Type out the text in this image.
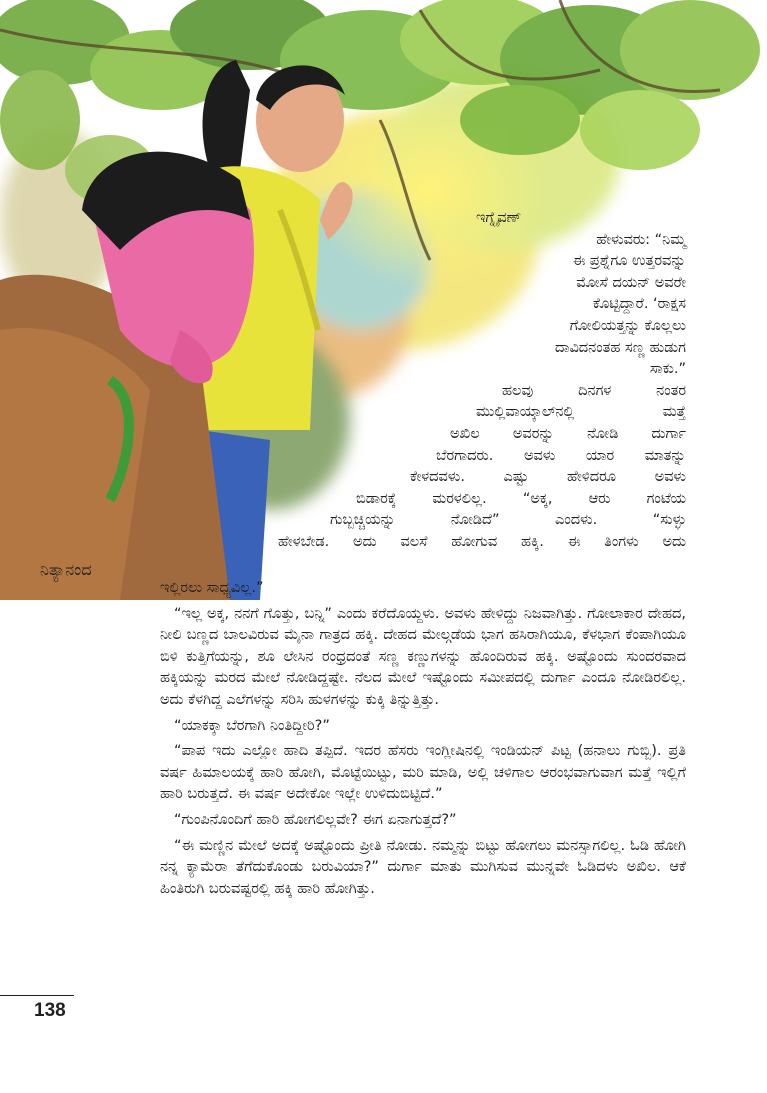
ನಿತ್ಯಾನಂದ
ಇಗ್ನೈವಣ್
ಹೇಳುವರು: “ನಿಮ್ಮ
ಈ ಪ್ರಶ್ನೆಗೂ ಉತ್ತರವನ್ನು
ಮೋಸೆ ದಯನ್ ಅವರೇ
ಕೊಟ್ಟಿದ್ದಾರೆ. ‘ರಾಕ್ಷಸ
ಗೋಲಿಯತ್ತನ್ನು ಕೊಲ್ಲಲು
ದಾವಿದನಂತಹ ಸಣ್ಣ ಹುಡುಗ
ಸಾಕು.”
ಹಲವು ದಿನಗಳ ನಂತರ
ಮುಲ್ಲಿವಾಯ್ಕಾಲ್‍ನಲ್ಲಿ ಮತ್ತೆ
ಅಖಿಲ ಅವರನ್ನು ನೋಡಿ ದುರ್ಗಾ
ಬೆರಗಾದರು. ಅವಳು ಯಾರ ಮಾತನ್ನು
ಕೇಳದವಳು. ಎಷ್ಟು ಹೇಳಿದರೂ ಅವಳು
ಬಿಡಾರಕ್ಕೆ ಮರಳಲಿಲ್ಲ. “ಅಕ್ಕ, ಆರು ಗಂಟೆಯ
ಗುಬ್ಬಚ್ಚಿಯನ್ನು ನೋಡಿದೆ” ಎಂದಳು. “ಸುಳ್ಳು
ಹೇಳಬೇಡ. ಅದು ವಲಸೆ ಹೋಗುವ ಹಕ್ಕಿ. ಈ ತಿಂಗಳು ಅದು

ಇಲ್ಲಿರಲು ಸಾಧ್ಯವಿಲ್ಲ.”

“ಇಲ್ಲ ಅಕ್ಕ, ನನಗೆ ಗೊತ್ತು, ಬನ್ನಿ” ಎಂದು ಕರೆದೊಯ್ದಳು. ಅವಳು ಹೇಳಿದ್ದು ನಿಜವಾಗಿತ್ತು. ಗೋಲಾಕಾರ ದೇಹದ, ನೀಲಿ ಬಣ್ಣದ ಬಾಲವಿರುವ ಮೈನಾ ಗಾತ್ರದ ಹಕ್ಕಿ. ದೇಹದ ಮೇಲ್ಗಡೆಯ ಭಾಗ ಹಸಿರಾಗಿಯೂ, ಕೆಳಭಾಗ ಕೆಂಪಾಗಿಯೂ ಬಿಳಿ ಕುತ್ತಿಗೆಯನ್ನು, ಶೂ ಲೇಸಿನ ರಂಧ್ರದಂತೆ ಸಣ್ಣ ಕಣ್ಣುಗಳನ್ನು ಹೊಂದಿರುವ ಹಕ್ಕಿ. ಅಷ್ಟೊಂದು ಸುಂದರವಾದ ಹಕ್ಕಿಯನ್ನು ಮರದ ಮೇಲೆ ನೋಡಿದ್ದಷ್ಟೇ. ನೆಲದ ಮೇಲೆ ಇಷ್ಟೊಂದು ಸಮೀಪದಲ್ಲಿ ದುರ್ಗಾ ಎಂದೂ ನೋಡಿರಲಿಲ್ಲ. ಅದು ಕೆಳಗಿದ್ದ ಎಲೆಗಳನ್ನು ಸರಿಸಿ ಹುಳಗಳನ್ನು ಕುಕ್ಕಿ ತಿನ್ನುತ್ತಿತ್ತು.

“ಯಾಕಕ್ಕಾ ಬೆರಗಾಗಿ ನಿಂತಿದ್ದೀರಿ?”

“ಪಾಪ ಇದು ಎಲ್ಲೋ ಹಾದಿ ತಪ್ಪಿದೆ. ಇದರ ಹೆಸರು ಇಂಗ್ಲೀಷಿನಲ್ಲಿ ಇಂಡಿಯನ್ ಪಿಟ್ಟ (ಹನಾಲು ಗುಬ್ಬಿ). ಪ್ರತಿ ವರ್ಷ ಹಿಮಾಲಯಕ್ಕೆ ಹಾರಿ ಹೋಗಿ, ಮೊಟ್ಟೆಯಿಟ್ಟು, ಮರಿ ಮಾಡಿ, ಅಲ್ಲಿ ಚಳಿಗಾಲ ಆರಂಭವಾಗುವಾಗ ಮತ್ತೆ ಇಲ್ಲಿಗೆ ಹಾರಿ ಬರುತ್ತದೆ. ಈ ವರ್ಷ ಅದೇಕೋ ಇಲ್ಲೇ ಉಳಿದುಬಿಟ್ಟಿದೆ.”

“ಗುಂಪಿನೊಂದಿಗೆ ಹಾರಿ ಹೋಗಲಿಲ್ಲವೇ? ಈಗ ಏನಾಗುತ್ತದೆ?”

“ಈ ಮಣ್ಣಿನ ಮೇಲೆ ಅದಕ್ಕೆ ಅಷ್ಟೊಂದು ಪ್ರೀತಿ ನೋಡು. ನಮ್ಮನ್ನು ಬಿಟ್ಟು ಹೋಗಲು ಮನಸ್ಸಾಗಲಿಲ್ಲ. ಓಡಿ ಹೋಗಿ ನನ್ನ ಕ್ಯಾಮೆರಾ ತೆಗೆದುಕೊಂಡು ಬರುವಿಯಾ?” ದುರ್ಗಾ ಮಾತು ಮುಗಿಸುವ ಮುನ್ನವೇ ಓಡಿದಳು ಅಖಿಲ. ಆಕೆ ಹಿಂತಿರುಗಿ ಬರುವಷ್ಟರಲ್ಲಿ ಹಕ್ಕಿ ಹಾರಿ ಹೋಗಿತ್ತು.

138
